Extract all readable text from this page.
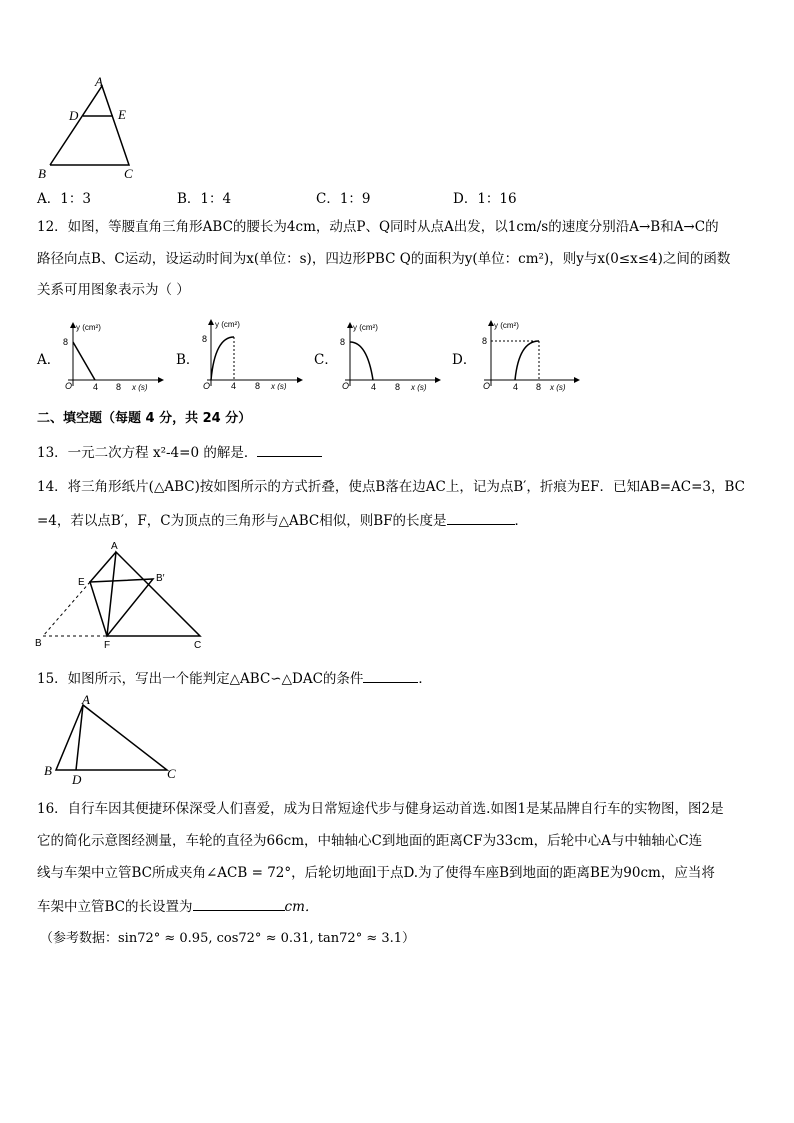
A
D	E
B	C
A．1：3	B．1：4	C．1：9	D．1：16
12．如图，等腰直角三角形ABC的腰长为4cm，动点P、Q同时从点A出发，以1cm/s的速度分别沿A→B和A→C的
路径向点B、C运动，设运动时间为x(单位：s)，四边形PBC Q的面积为y(单位：cm²)，则y与x(0≤x≤4)之间的函数
关系可用图象表示为（ ）
A．
y (cm²)
8
O 4 8 x (s)
B．
y (cm²)
8
O 4 8 x (s)
C．
y (cm²)
8
O 4 8 x (s)
D．
y (cm²)
8
O	4 8 x (s)
二、填空题（每题 4 分，共 24 分）
13．一元二次方程 x²-4=0 的解是．
14．将三角形纸片(△ABC)按如图所示的方式折叠，使点B落在边AC上，记为点B′，折痕为EF．已知AB=AC=3，BC
=4，若以点B′，F，C为顶点的三角形与△ABC相似，则BF的长度是	．
A
E	B′
B	F	C
15．如图所示，写出一个能判定△ABC∽△DAC的条件	．
A
B
D	C
16．自行车因其便捷环保深受人们喜爱，成为日常短途代步与健身运动首选.如图1是某品牌自行车的实物图，图2是
它的简化示意图经测量，车轮的直径为66cm，中轴轴心C到地面的距离CF为33cm，后轮中心A与中轴轴心C连
线与车架中立管BC所成夹角∠ACB = 72°，后轮切地面l于点D.为了使得车座B到地面的距离BE为90cm，应当将
车架中立管BC的长设置为	cm．
（参考数据：sin72° ≈ 0.95, cos72° ≈ 0.31, tan72° ≈ 3.1）
